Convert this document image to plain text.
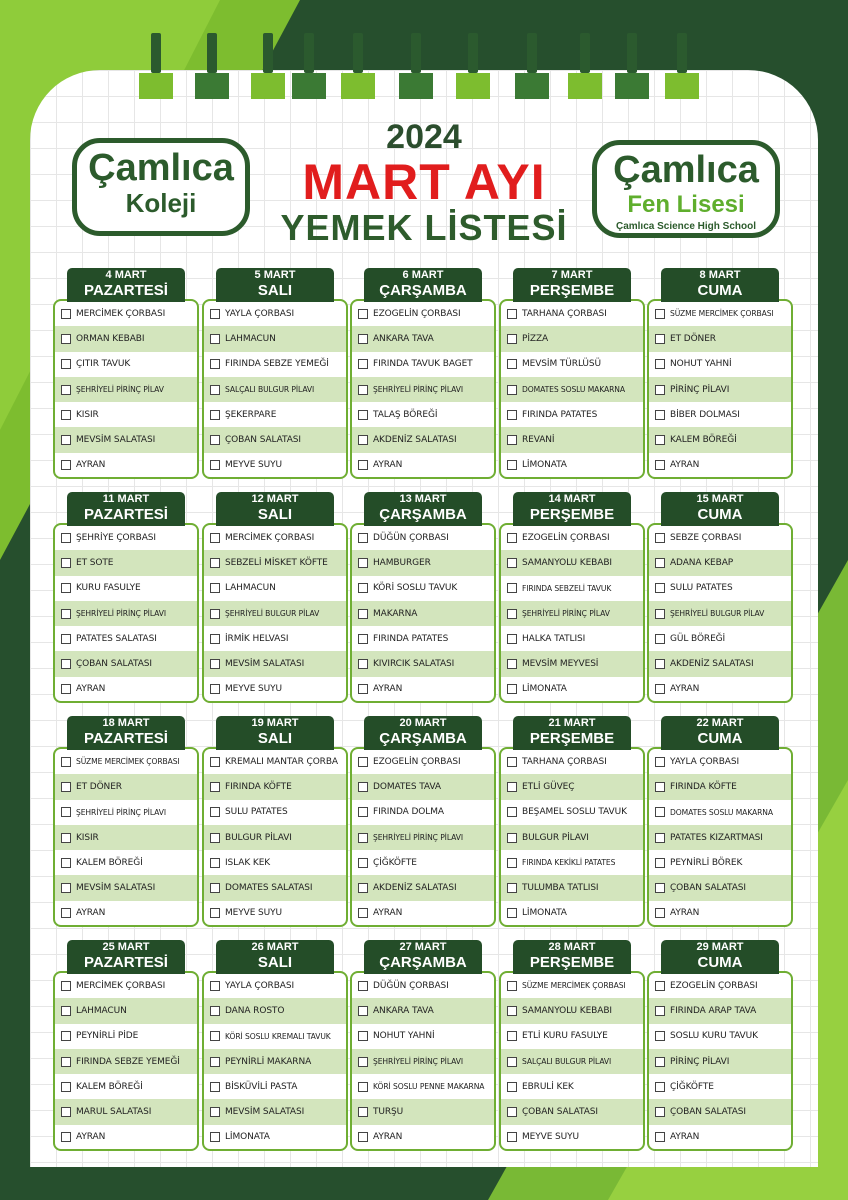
Çamlıca
Koleji
Çamlıca
Fen Lisesi
Çamlıca Science High School
2024
MART AYI
YEMEK LİSTESİ
MERCİMEK ÇORBASI
ORMAN KEBABI
ÇITIR TAVUK
ŞEHRİYELİ PİRİNÇ PİLAV
KISIR
MEVSİM SALATASI
AYRAN
4 MART
PAZARTESİ
YAYLA ÇORBASI
LAHMACUN
FIRINDA SEBZE YEMEĞİ
SALÇALI BULGUR PİLAVI
ŞEKERPARE
ÇOBAN SALATASI
MEYVE SUYU
5 MART
SALI
EZOGELİN ÇORBASI
ANKARA TAVA
FIRINDA TAVUK BAGET
ŞEHRİYELİ PİRİNÇ PİLAVI
TALAŞ BÖREĞİ
AKDENİZ SALATASI
AYRAN
6 MART
ÇARŞAMBA
TARHANA ÇORBASI
PİZZA
MEVSİM TÜRLÜSÜ
DOMATES SOSLU MAKARNA
FIRINDA PATATES
REVANİ
LİMONATA
7 MART
PERŞEMBE
SÜZME MERCİMEK ÇORBASI
ET DÖNER
NOHUT YAHNİ
PİRİNÇ PİLAVI
BİBER DOLMASI
KALEM BÖREĞİ
AYRAN
8 MART
CUMA
ŞEHRİYE ÇORBASI
ET SOTE
KURU FASULYE
ŞEHRİYELİ PİRİNÇ PİLAVI
PATATES SALATASI
ÇOBAN SALATASI
AYRAN
11 MART
PAZARTESİ
MERCİMEK ÇORBASI
SEBZELİ MİSKET KÖFTE
LAHMACUN
ŞEHRİYELİ BULGUR PİLAV
İRMİK HELVASI
MEVSİM SALATASI
MEYVE SUYU
12 MART
SALI
DÜĞÜN ÇORBASI
HAMBURGER
KÖRİ SOSLU TAVUK
MAKARNA
FIRINDA PATATES
KIVIRCIK SALATASI
AYRAN
13 MART
ÇARŞAMBA
EZOGELİN ÇORBASI
SAMANYOLU KEBABI
FIRINDA SEBZELİ TAVUK
ŞEHRİYELİ PİRİNÇ PİLAV
HALKA TATLISI
MEVSİM MEYVESİ
LİMONATA
14 MART
PERŞEMBE
SEBZE ÇORBASI
ADANA KEBAP
SULU PATATES
ŞEHRİYELİ BULGUR PİLAV
GÜL BÖREĞİ
AKDENİZ SALATASI
AYRAN
15 MART
CUMA
SÜZME MERCİMEK ÇORBASI
ET DÖNER
ŞEHRİYELİ PİRİNÇ PİLAVI
KISIR
KALEM BÖREĞİ
MEVSİM SALATASI
AYRAN
18 MART
PAZARTESİ
KREMALI MANTAR ÇORBA
FIRINDA KÖFTE
SULU PATATES
BULGUR PİLAVI
ISLAK KEK
DOMATES SALATASI
MEYVE SUYU
19 MART
SALI
EZOGELİN ÇORBASI
DOMATES TAVA
FIRINDA DOLMA
ŞEHRİYELİ PİRİNÇ PİLAVI
ÇİĞKÖFTE
AKDENİZ SALATASI
AYRAN
20 MART
ÇARŞAMBA
TARHANA ÇORBASI
ETLİ GÜVEÇ
BEŞAMEL SOSLU TAVUK
BULGUR PİLAVI
FIRINDA KEKİKLİ PATATES
TULUMBA TATLISI
LİMONATA
21 MART
PERŞEMBE
YAYLA ÇORBASI
FIRINDA KÖFTE
DOMATES SOSLU MAKARNA
PATATES KIZARTMASI
PEYNİRLİ BÖREK
ÇOBAN SALATASI
AYRAN
22 MART
CUMA
MERCİMEK ÇORBASI
LAHMACUN
PEYNİRLİ PİDE
FIRINDA SEBZE YEMEĞİ
KALEM BÖREĞİ
MARUL SALATASI
AYRAN
25 MART
PAZARTESİ
YAYLA ÇORBASI
DANA ROSTO
KÖRİ SOSLU KREMALI TAVUK
PEYNİRLİ MAKARNA
BİSKÜVİLİ PASTA
MEVSİM SALATASI
LİMONATA
26 MART
SALI
DÜĞÜN ÇORBASI
ANKARA TAVA
NOHUT YAHNİ
ŞEHRİYELİ PİRİNÇ PİLAVI
KÖRİ SOSLU PENNE MAKARNA
TURŞU
AYRAN
27 MART
ÇARŞAMBA
SÜZME MERCİMEK ÇORBASI
SAMANYOLU KEBABI
ETLİ KURU FASULYE
SALÇALI BULGUR PİLAVI
EBRULİ KEK
ÇOBAN SALATASI
MEYVE SUYU
28 MART
PERŞEMBE
EZOGELİN ÇORBASI
FIRINDA ARAP TAVA
SOSLU KURU TAVUK
PİRİNÇ PİLAVI
ÇİĞKÖFTE
ÇOBAN SALATASI
AYRAN
29 MART
CUMA
